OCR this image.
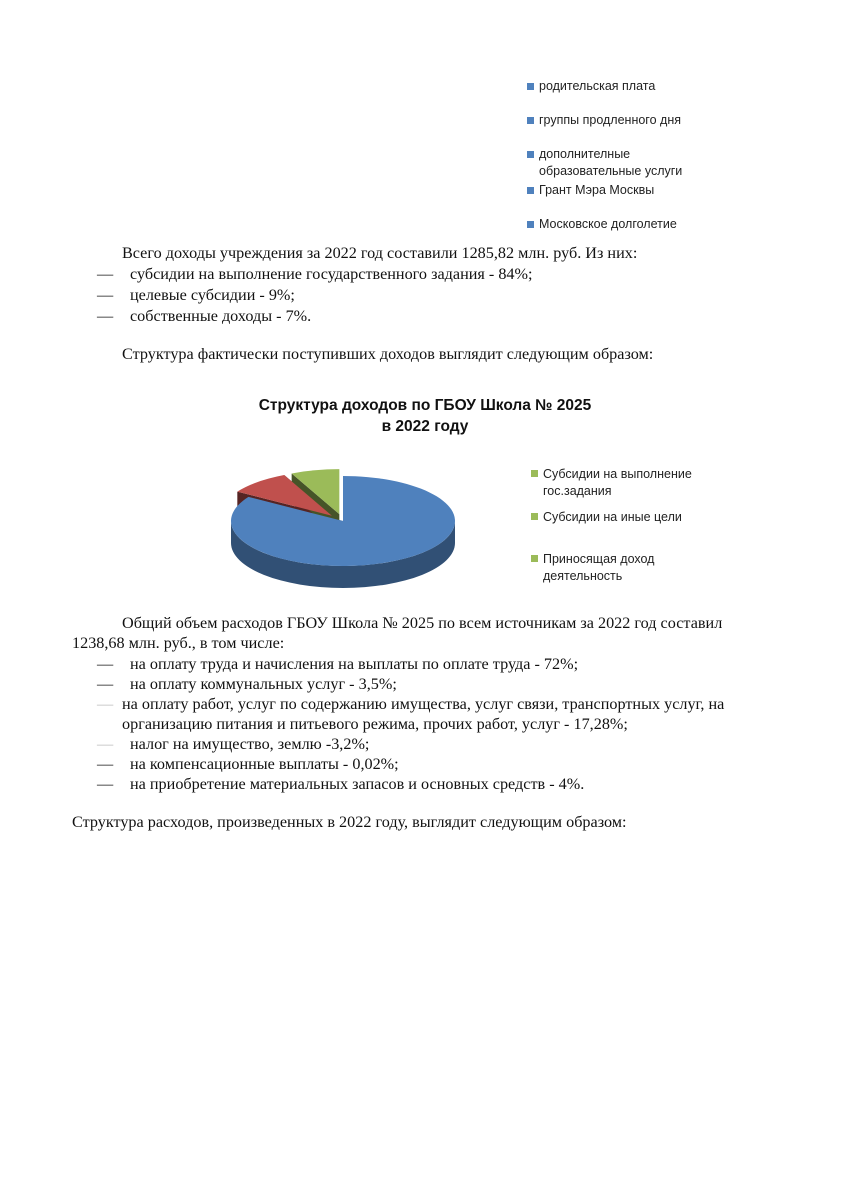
родительская плата
группы продленного дня
дополнителные
образовательные услуги
Грант Мэра Москвы
Московское долголетие
Всего доходы учреждения за 2022 год составили 1285,82 млн. руб. Из них:
— субсидии на выполнение государственного задания - 84%;
— целевые субсидии - 9%;
— собственные доходы - 7%.
Структура фактически поступивших доходов выглядит следующим образом:
Структура доходов по ГБОУ Школа № 2025
в 2022 году
Субсидии на выполнение
гос.задания
Субсидии на иные цели
Приносящая доход
деятельность
Общий объем расходов ГБОУ Школа № 2025 по всем источникам за 2022 год составил
1238,68 млн. руб., в том числе:
— на оплату труда и начисления на выплаты по оплате труда - 72%;
— на оплату коммунальных услуг - 3,5%;
— на оплату работ, услуг по содержанию имущества, услуг связи, транспортных услуг, на
организацию питания и питьевого режима, прочих работ, услуг - 17,28%;
— налог на имущество, землю -3,2%;
— на компенсационные выплаты - 0,02%;
— на приобретение материальных запасов и основных средств - 4%.
Структура расходов, произведенных в 2022 году, выглядит следующим образом:
